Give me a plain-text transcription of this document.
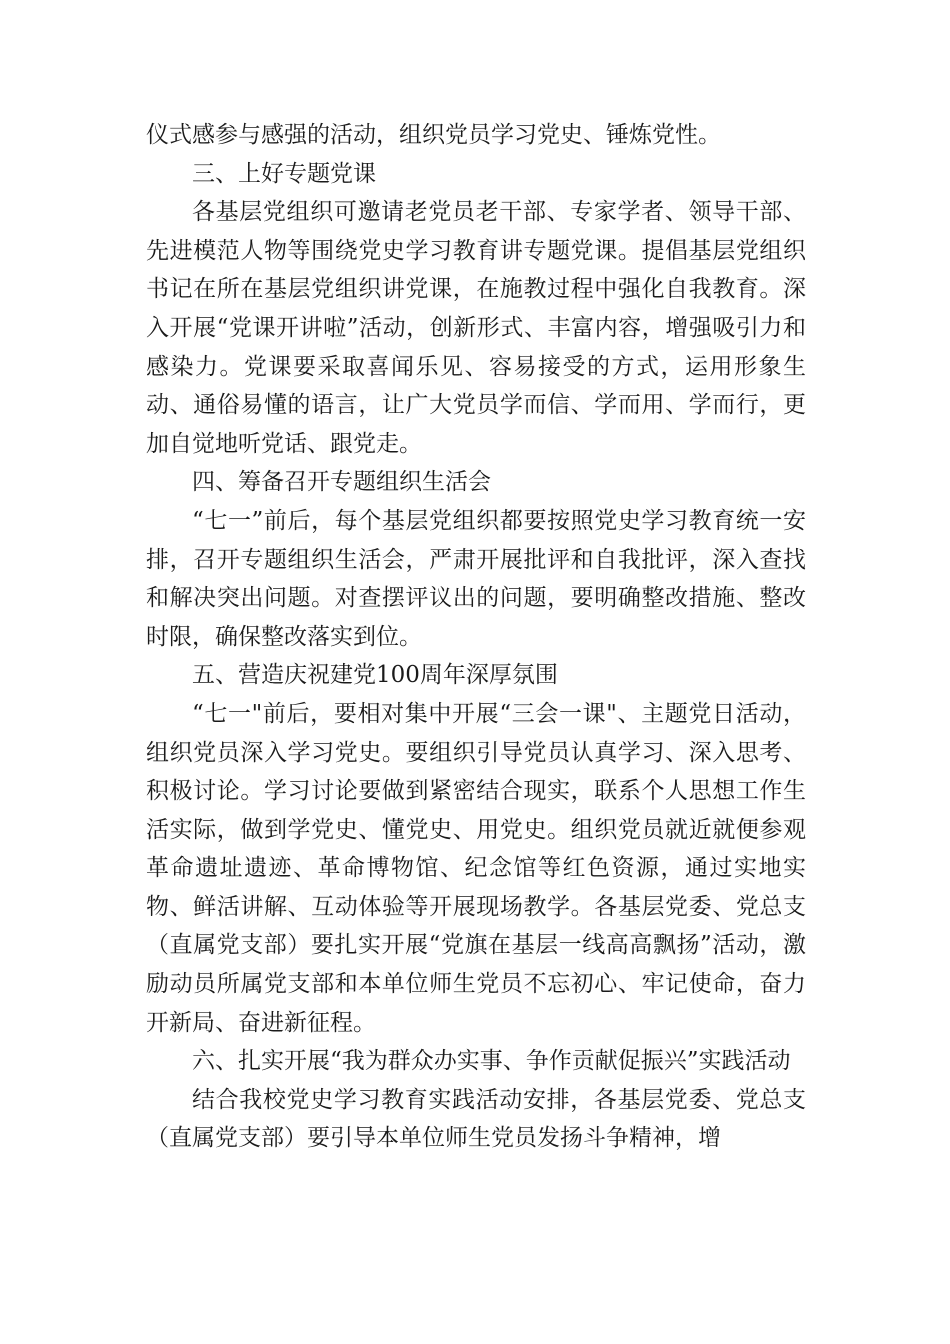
仪式感参与感强的活动，组织党员学习党史、锤炼党性。

三、上好专题党课

各基层党组织可邀请老党员老干部、专家学者、领导干部、先进模范人物等围绕党史学习教育讲专题党课。提倡基层党组织书记在所在基层党组织讲党课，在施教过程中强化自我教育。深入开展“党课开讲啦”活动，创新形式、丰富内容，增强吸引力和感染力。党课要采取喜闻乐见、容易接受的方式，运用形象生动、通俗易懂的语言，让广大党员学而信、学而用、学而行，更加自觉地听党话、跟党走。

四、筹备召开专题组织生活会

“七一”前后，每个基层党组织都要按照党史学习教育统一安排，召开专题组织生活会，严肃开展批评和自我批评，深入查找和解决突出问题。对查摆评议出的问题，要明确整改措施、整改时限，确保整改落实到位。

五、营造庆祝建党100周年深厚氛围

“七一"前后，要相对集中开展“三会一课"、主题党日活动，组织党员深入学习党史。要组织引导党员认真学习、深入思考、积极讨论。学习讨论要做到紧密结合现实，联系个人思想工作生活实际，做到学党史、懂党史、用党史。组织党员就近就便参观革命遗址遗迹、革命博物馆、纪念馆等红色资源，通过实地实物、鲜活讲解、互动体验等开展现场教学。各基层党委、党总支（直属党支部）要扎实开展“党旗在基层一线高高飘扬”活动，激励动员所属党支部和本单位师生党员不忘初心、牢记使命，奋力开新局、奋进新征程。

六、扎实开展“我为群众办实事、争作贡献促振兴”实践活动

结合我校党史学习教育实践活动安排，各基层党委、党总支（直属党支部）要引导本单位师生党员发扬斗争精神，增
